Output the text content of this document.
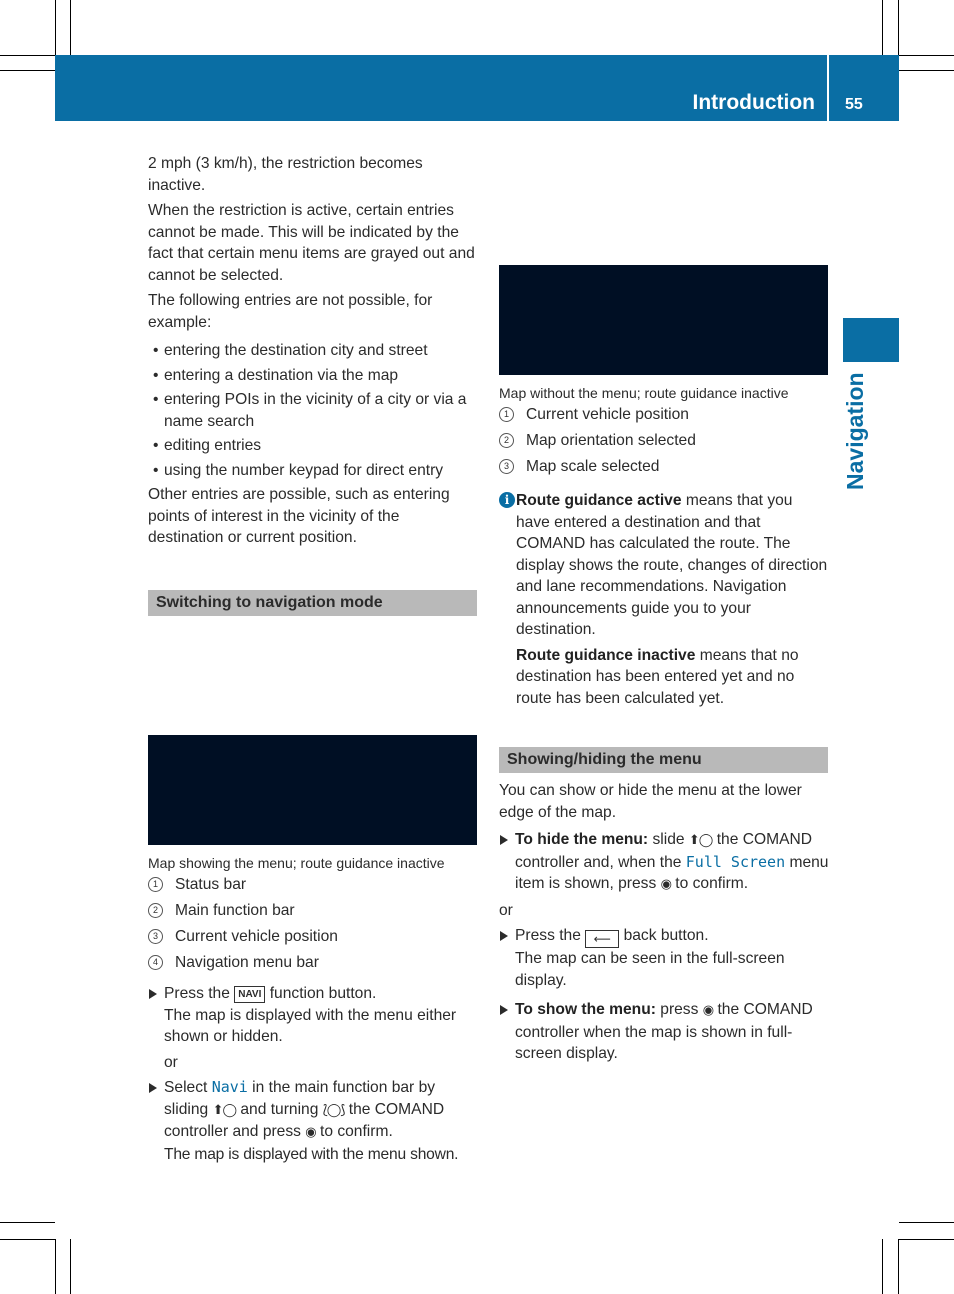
Introduction 55
Navigation

2 mph (3 km/h), the restriction becomes inactive.

When the restriction is active, certain entries cannot be made. This will be indicated by the fact that certain menu items are grayed out and cannot be selected.

The following entries are not possible, for example:

• entering the destination city and street
• entering a destination via the map
• entering POIs in the vicinity of a city or via a name search
• editing entries
• using the number keypad for direct entry

Other entries are possible, such as entering points of interest in the vicinity of the destination or current position.

Switching to navigation mode
Map showing the menu; route guidance inactive
1 Status bar
2 Main function bar
3 Current vehicle position
4 Navigation menu bar
Press the NAVI function button.
The map is displayed with the menu either shown or hidden.
or
Select Navi in the main function bar by sliding ⬆◯ and turning ⟅◯⟆ the COMAND controller and press ◉ to confirm.
The map is displayed with the menu shown.
Map without the menu; route guidance inactive
1 Current vehicle position
2 Map orientation selected
3 Map scale selected
i Route guidance active means that you have entered a destination and that COMAND has calculated the route. The display shows the route, changes of direction and lane recommendations. Navigation announcements guide you to your destination.

Route guidance inactive means that no destination has been entered yet and no route has been calculated yet.

Showing/hiding the menu

You can show or hide the menu at the lower edge of the map.

To hide the menu: slide ⬆◯ the COMAND controller and, when the Full Screen menu item is shown, press ◉ to confirm.
or
Press the ⟵ back button.
The map can be seen in the full-screen display.
To show the menu: press ◉ the COMAND controller when the map is shown in full-screen display.
